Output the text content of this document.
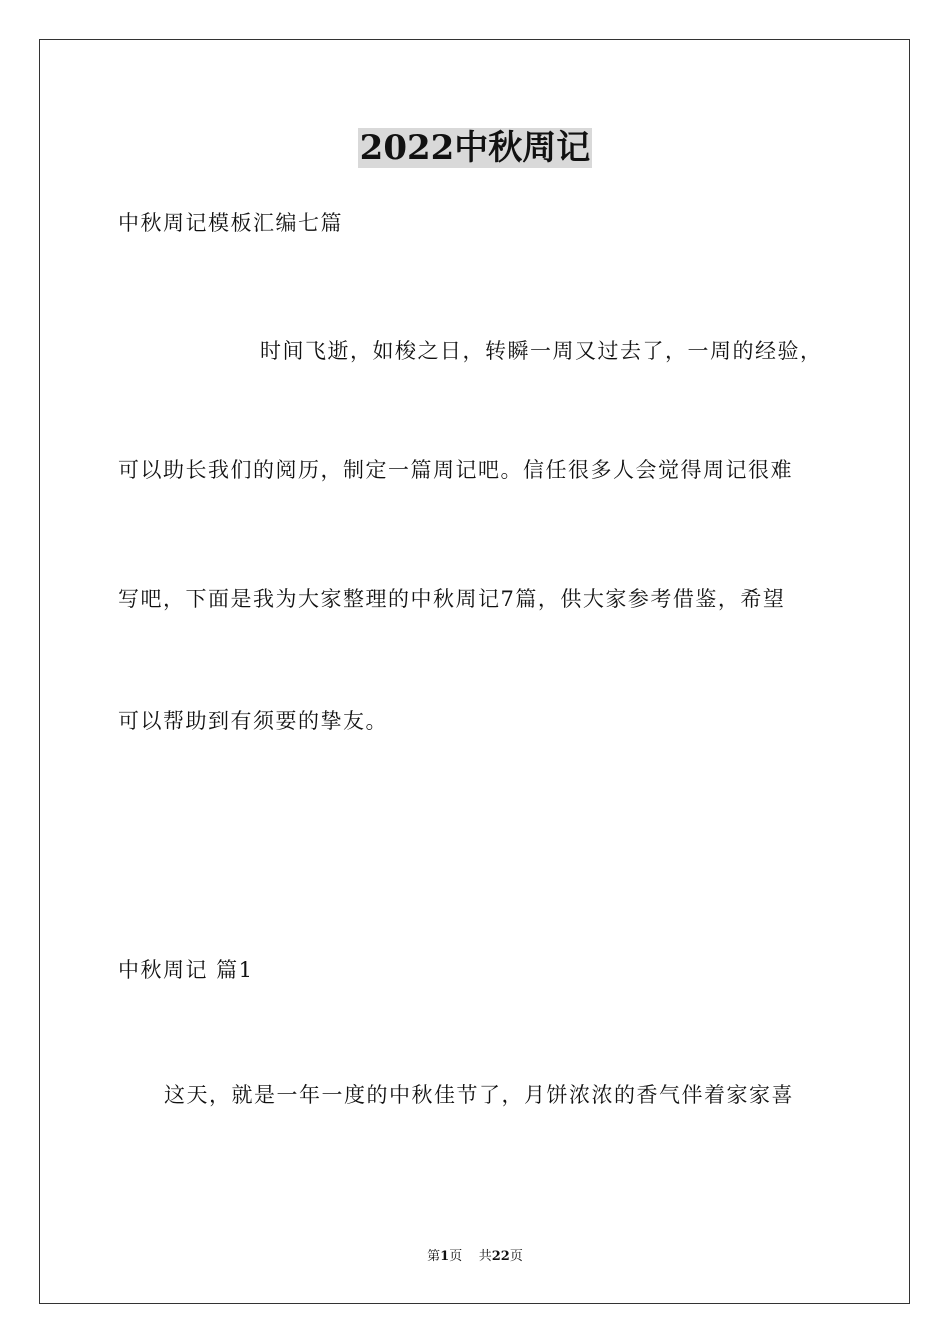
2022中秋周记
中秋周记模板汇编七篇
时间飞逝，如梭之日，转瞬一周又过去了，一周的经验，
可以助长我们的阅历，制定一篇周记吧。信任很多人会觉得周记很难
写吧，下面是我为大家整理的中秋周记7篇，供大家参考借鉴，希望
可以帮助到有须要的挚友。
中秋周记 篇1
这天，就是一年一度的中秋佳节了，月饼浓浓的香气伴着家家喜
第1页    共22页
